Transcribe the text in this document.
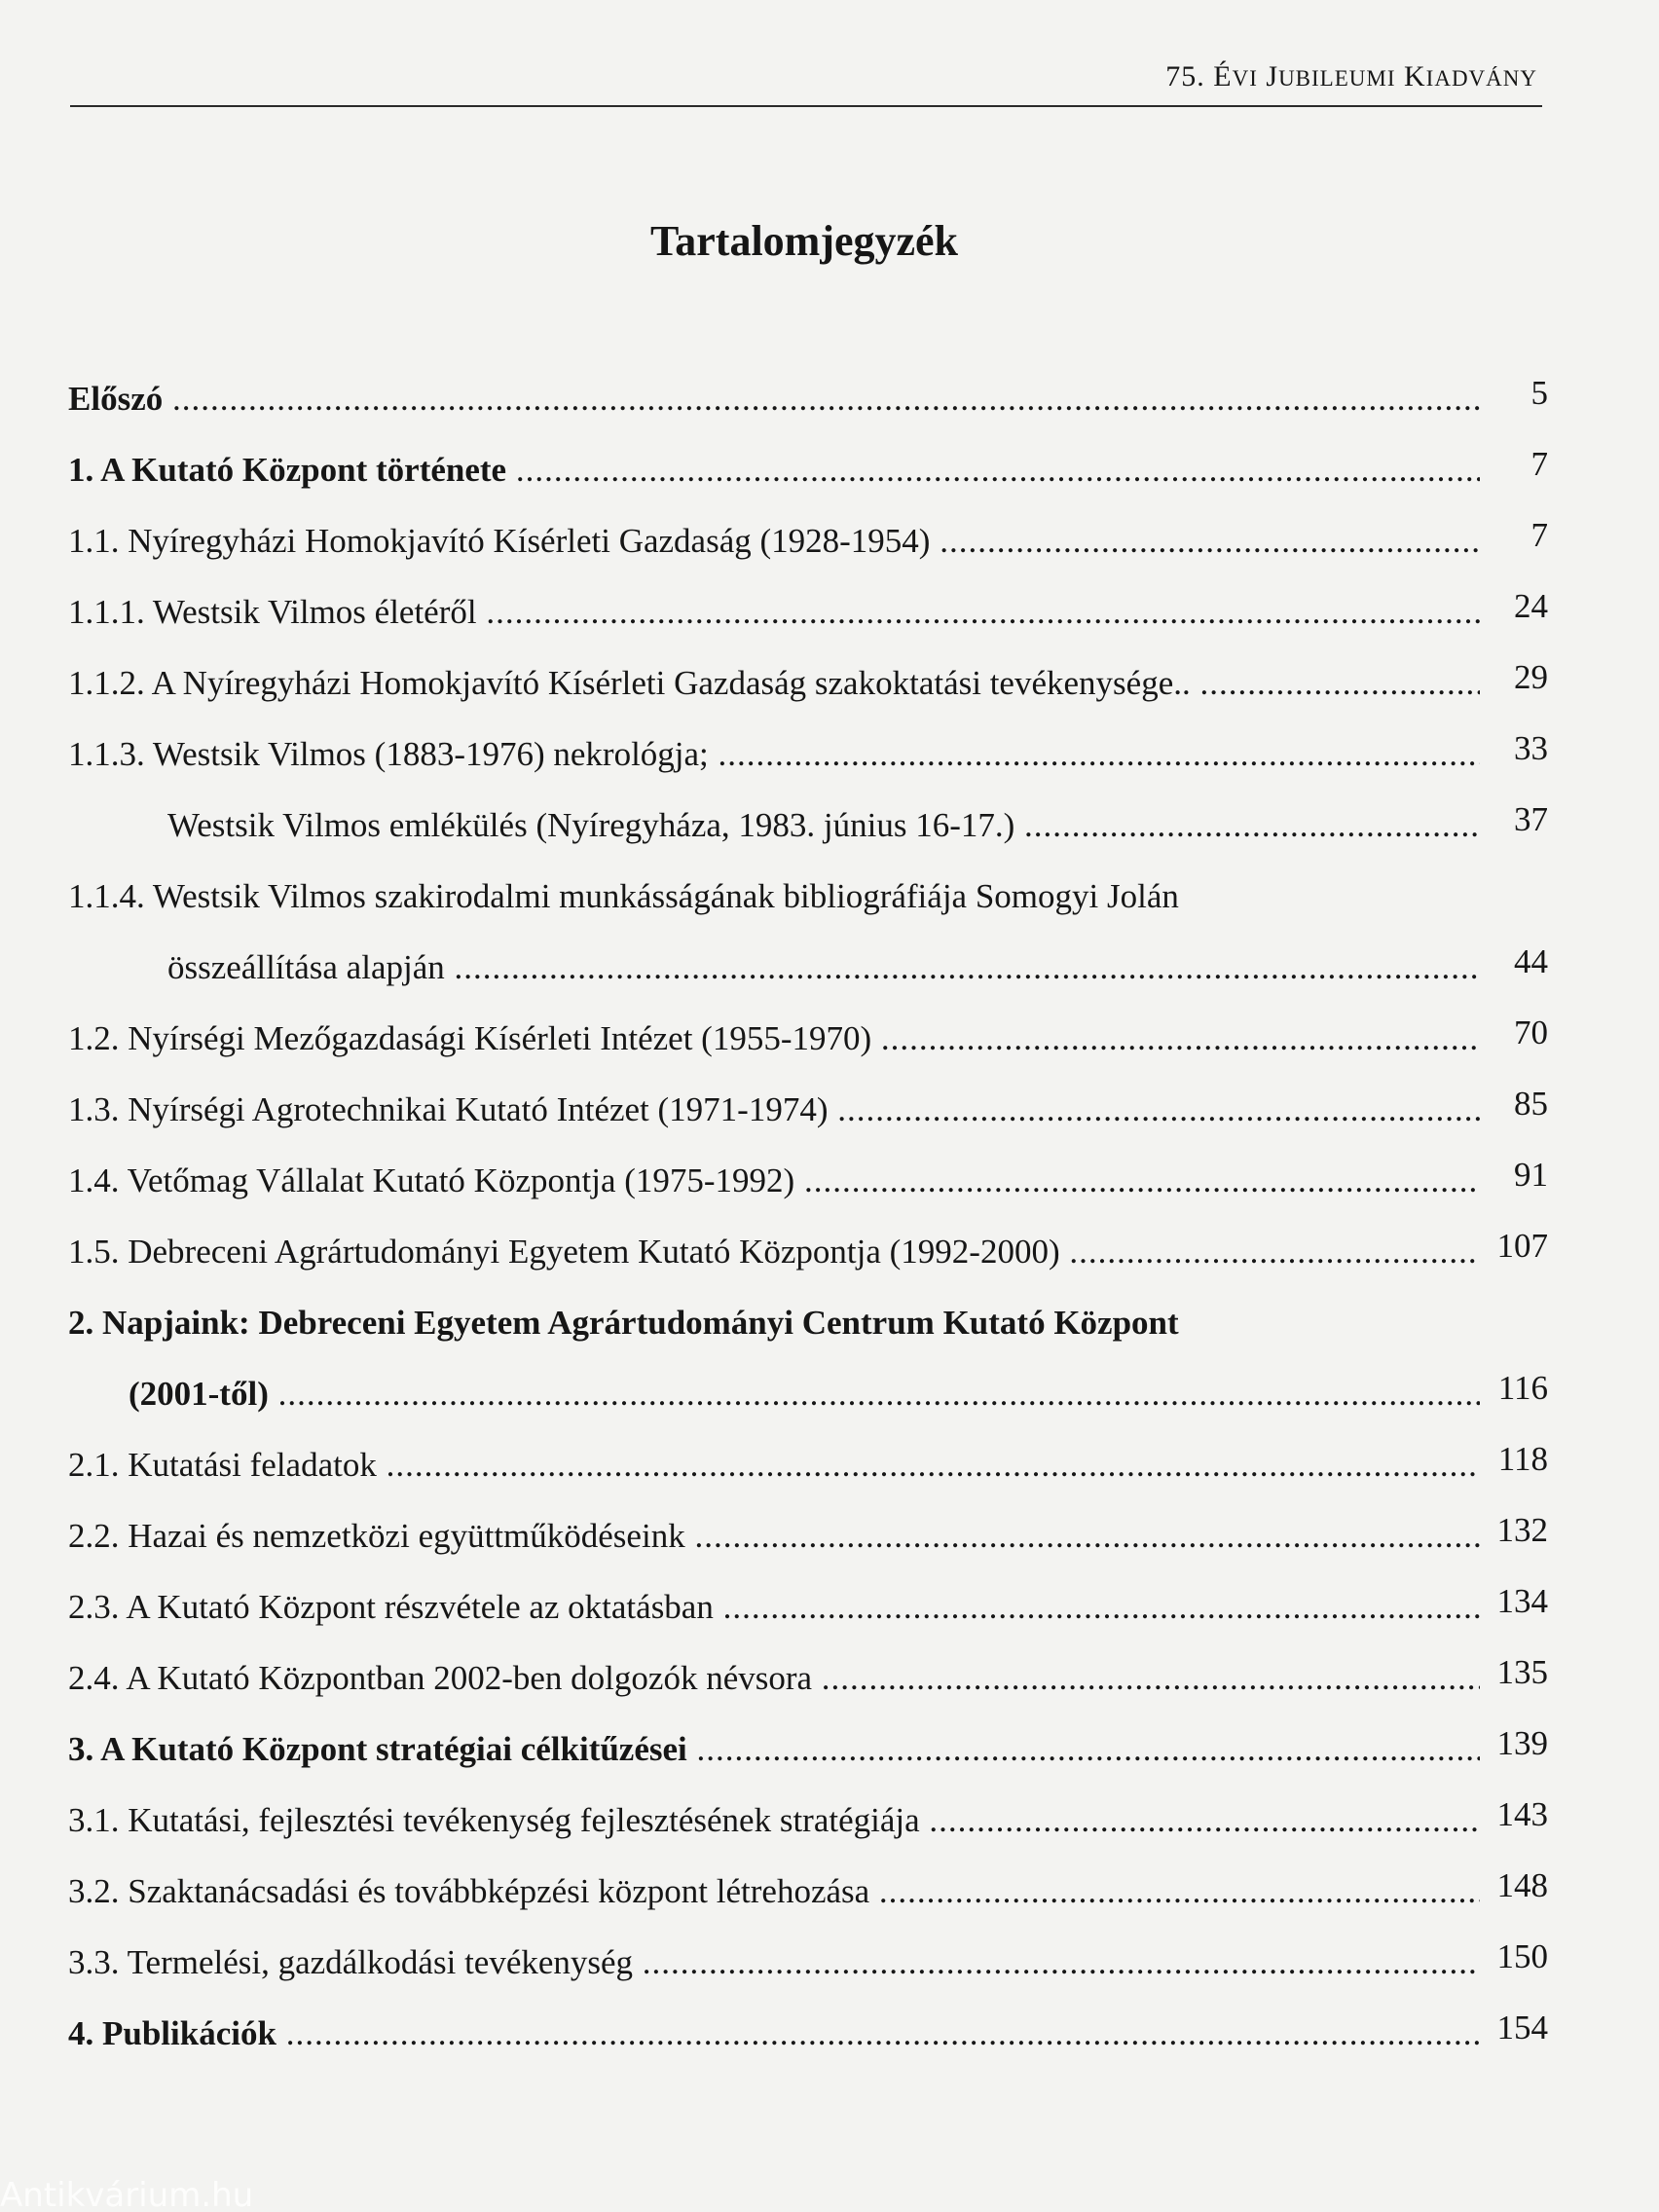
75. ÉVI JUBILEUMI KIADVÁNY
Tartalomjegyzék
Előszó .....	5
1. A Kutató Központ története .....	7
1.1. Nyíregyházi Homokjavító Kísérleti Gazdaság (1928-1954) .....	7
1.1.1. Westsik Vilmos életéről .....	24
1.1.2. A Nyíregyházi Homokjavító Kísérleti Gazdaság szakoktatási tevékenysége.. .....	29
1.1.3. Westsik Vilmos (1883-1976) nekrológja; .....	33
Westsik Vilmos emlékülés (Nyíregyháza, 1983. június 16-17.) .....	37
1.1.4. Westsik Vilmos szakirodalmi munkásságának bibliográfiája Somogyi Jolán
összeállítása alapján .....	44
1.2. Nyírségi Mezőgazdasági Kísérleti Intézet (1955-1970) .....	70
1.3. Nyírségi Agrotechnikai Kutató Intézet (1971-1974) .....	85
1.4. Vetőmag Vállalat Kutató Központja (1975-1992) .....	91
1.5. Debreceni Agrártudományi Egyetem Kutató Központja (1992-2000) .....	107
2. Napjaink: Debreceni Egyetem Agrártudományi Centrum Kutató Központ
(2001-től) .....	116
2.1. Kutatási feladatok .....	118
2.2. Hazai és nemzetközi együttműködéseink .....	132
2.3. A Kutató Központ részvétele az oktatásban .....	134
2.4. A Kutató Központban 2002-ben dolgozók névsora .....	135
3. A Kutató Központ stratégiai célkitűzései .....	139
3.1. Kutatási, fejlesztési tevékenység fejlesztésének stratégiája .....	143
3.2. Szaktanácsadási és továbbképzési központ létrehozása .....	148
3.3. Termelési, gazdálkodási tevékenység .....	150
4. Publikációk .....	154
Antikvárium.hu
